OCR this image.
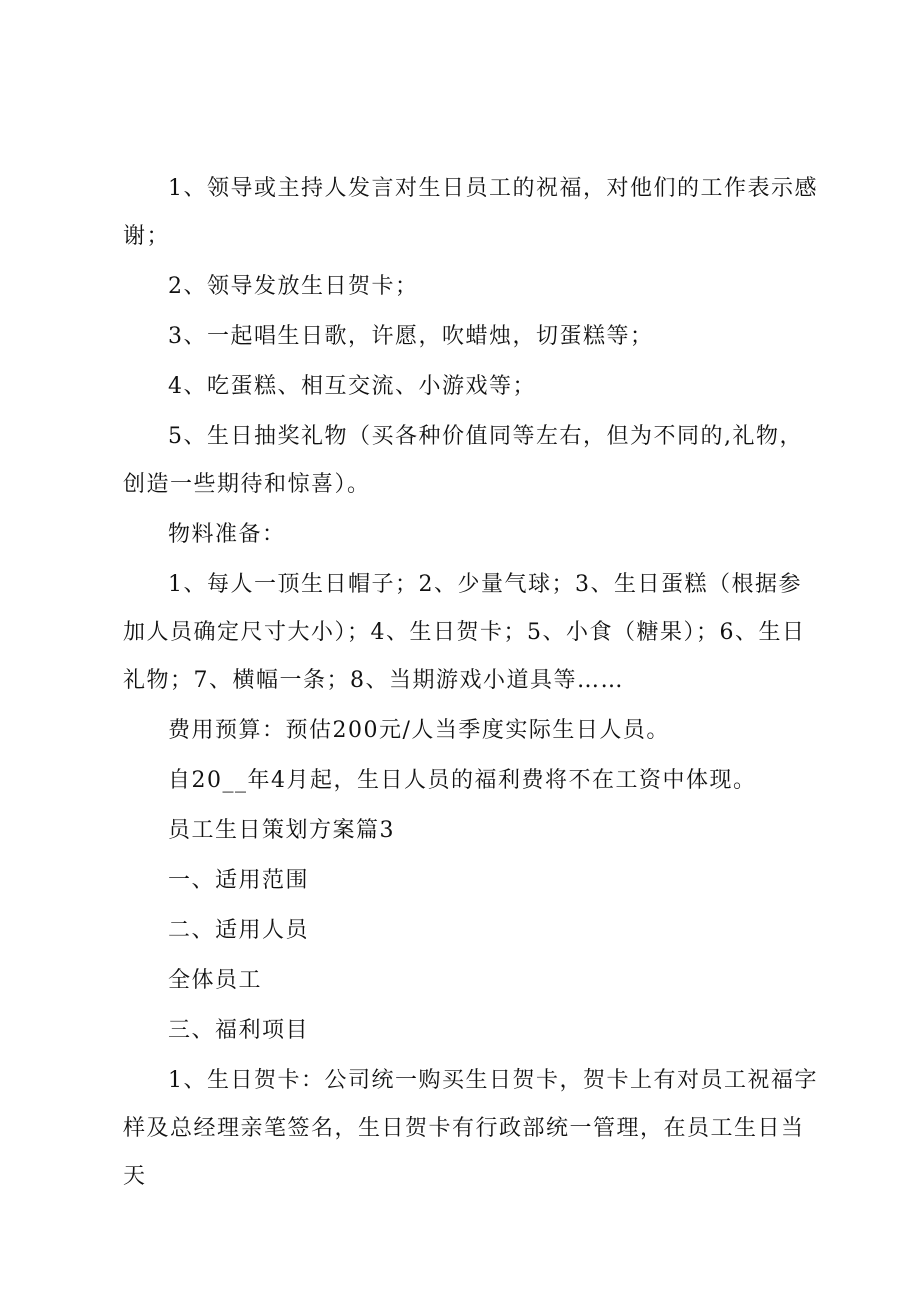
1、领导或主持人发言对生日员工的祝福，对他们的工作表示感谢；

2、领导发放生日贺卡；

3、一起唱生日歌，许愿，吹蜡烛，切蛋糕等；

4、吃蛋糕、相互交流、小游戏等；

5、生日抽奖礼物（买各种价值同等左右，但为不同的,礼物，创造一些期待和惊喜）。

物料准备：

1、每人一顶生日帽子；2、少量气球；3、生日蛋糕（根据参加人员确定尺寸大小）；4、生日贺卡；5、小食（糖果）；6、生日礼物；7、横幅一条；8、当期游戏小道具等……

费用预算：预估200元/人当季度实际生日人员。

自20__年4月起，生日人员的福利费将不在工资中体现。

员工生日策划方案篇3

一、适用范围

二、适用人员

全体员工

三、福利项目

1、生日贺卡：公司统一购买生日贺卡，贺卡上有对员工祝福字样及总经理亲笔签名，生日贺卡有行政部统一管理，在员工生日当天
